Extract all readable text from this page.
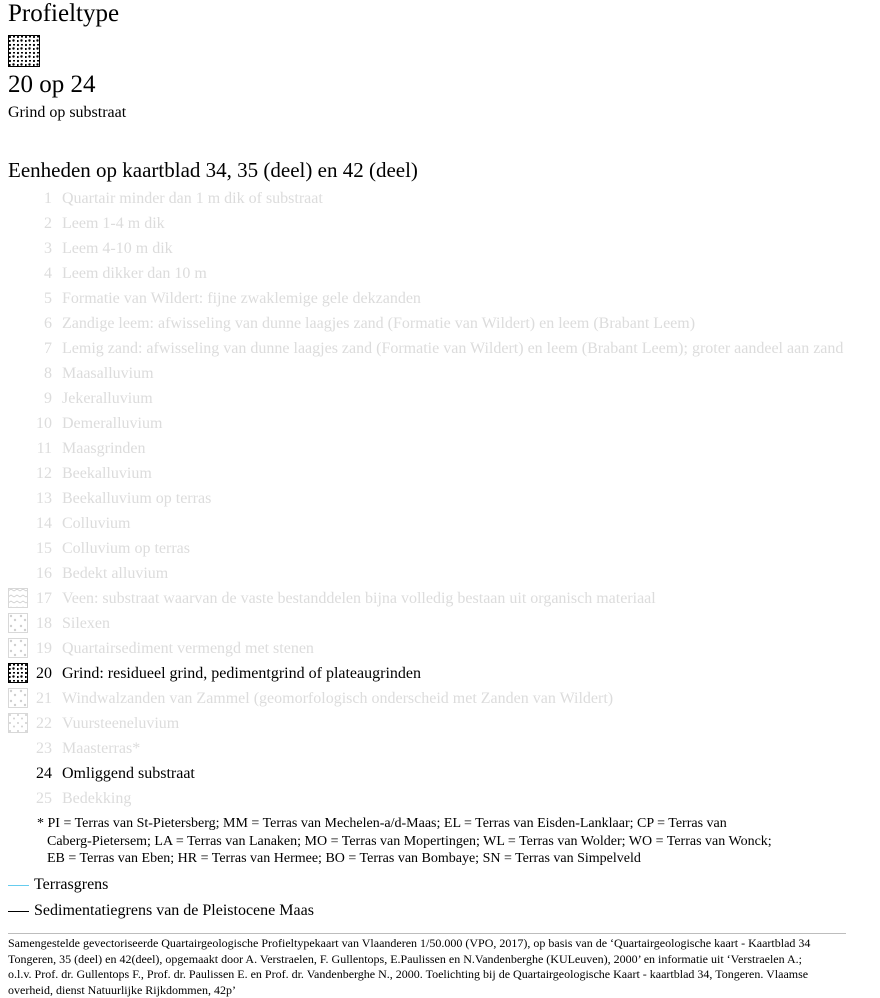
Profieltype
20 op 24
Grind op substraat
Eenheden op kaartblad 34, 35 (deel) en 42 (deel)
1 Quartair minder dan 1 m dik of substraat
2 Leem 1-4 m dik
3 Leem 4-10 m dik
4 Leem dikker dan 10 m
5 Formatie van Wildert: fijne zwaklemige gele dekzanden
6 Zandige leem: afwisseling van dunne laagjes zand (Formatie van Wildert) en leem (Brabant Leem)
7 Lemig zand: afwisseling van dunne laagjes zand (Formatie van Wildert) en leem (Brabant Leem); groter aandeel aan zand
8 Maasalluvium
9 Jekeralluvium
10 Demeralluvium
11 Maasgrinden
12 Beekalluvium
13 Beekalluvium op terras
14 Colluvium
15 Colluvium op terras
16 Bedekt alluvium
17 Veen: substraat waarvan de vaste bestanddelen bijna volledig bestaan uit organisch materiaal
18 Silexen
19 Quartairsediment vermengd met stenen
20 Grind: residueel grind, pedimentgrind of plateaugrinden
21 Windwalzanden van Zammel (geomorfologisch onderscheid met Zanden van Wildert)
22 Vuursteeneluvium
23 Maasterras*
24 Omliggend substraat
25 Bedekking
* PI = Terras van St-Pietersberg; MM = Terras van Mechelen-a/d-Maas; EL = Terras van Eisden-Lanklaar; CP = Terras van
Caberg-Pietersem; LA = Terras van Lanaken; MO = Terras van Mopertingen; WL = Terras van Wolder; WO = Terras van Wonck;
EB = Terras van Eben; HR = Terras van Hermee; BO = Terras van Bombaye; SN = Terras van Simpelveld
Terrasgrens
Sedimentatiegrens van de Pleistocene Maas
Samengestelde gevectoriseerde Quartairgeologische Profieltypekaart van Vlaanderen 1/50.000 (VPO, 2017), op basis van de ‘Quartairgeologische kaart - Kaartblad 34
Tongeren, 35 (deel) en 42(deel), opgemaakt door A. Verstraelen, F. Gullentops, E.Paulissen en N.Vandenberghe (KULeuven), 2000’ en informatie uit ‘Verstraelen A.;
o.l.v. Prof. dr. Gullentops F., Prof. dr. Paulissen E. en Prof. dr. Vandenberghe N., 2000. Toelichting bij de Quartairgeologische Kaart - kaartblad 34, Tongeren. Vlaamse
overheid, dienst Natuurlijke Rijkdommen, 42p’
